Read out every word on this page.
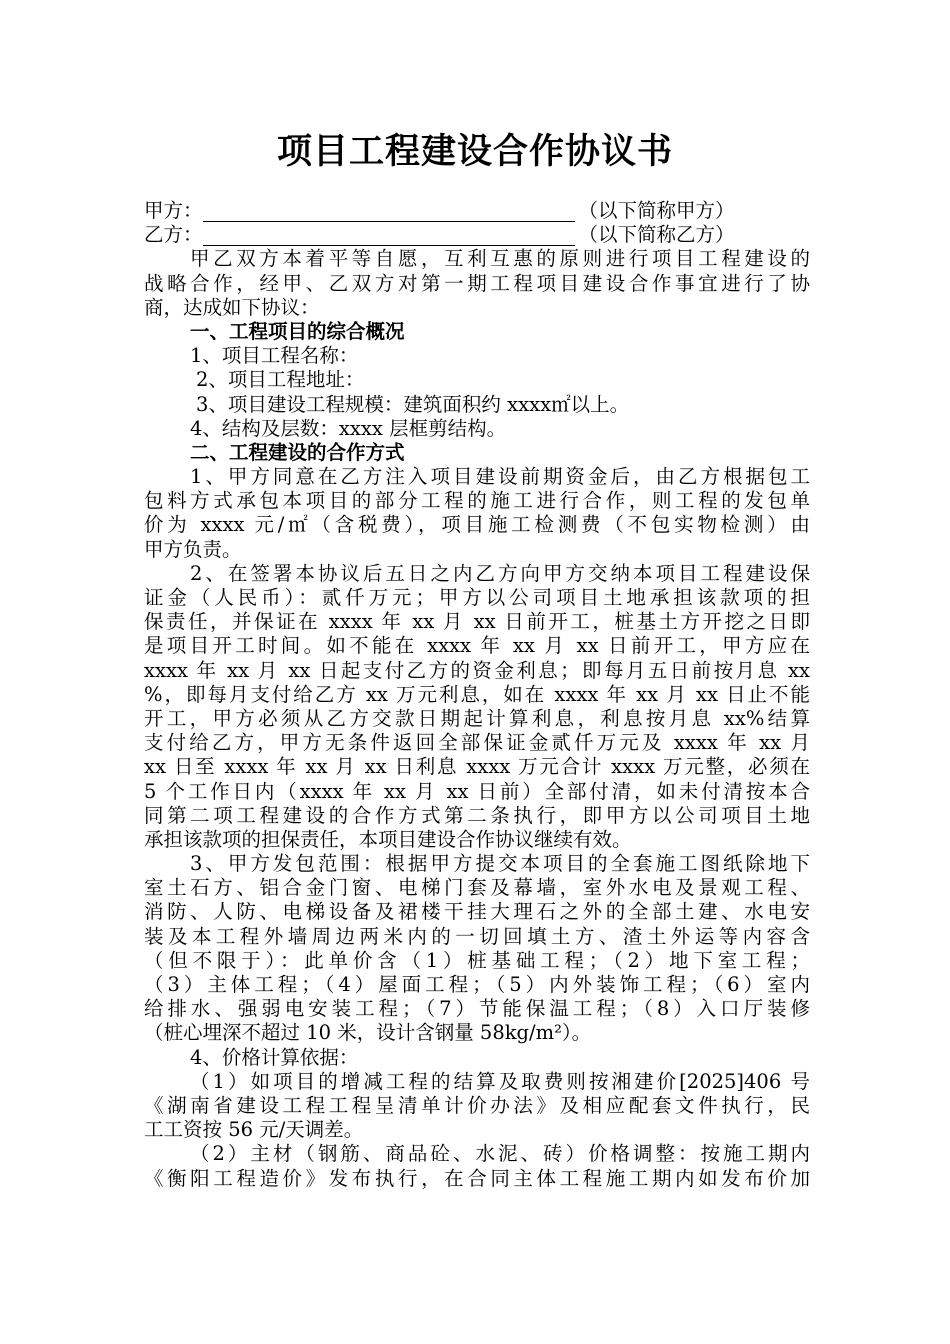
项目工程建设合作协议书
甲方：	（以下简称甲方）
乙方：	（以下简称乙方）
甲乙双方本着平等自愿，互利互惠的原则进行项目工程建设的
战略合作，经甲、乙双方对第一期工程项目建设合作事宜进行了协
商，达成如下协议：
一、工程项目的综合概况
1、项目工程名称：
2、项目工程地址：
3、项目建设工程规模：建筑面积约 xxxx㎡以上。
4、结构及层数：xxxx 层框剪结构。
二、工程建设的合作方式
1、甲方同意在乙方注入项目建设前期资金后，由乙方根据包工
包料方式承包本项目的部分工程的施工进行合作，则工程的发包单
价为 xxxx 元/㎡（含税费），项目施工检测费（不包实物检测）由
甲方负责。
2、在签署本协议后五日之内乙方向甲方交纳本项目工程建设保
证金（人民币）：贰仟万元；甲方以公司项目土地承担该款项的担
保责任，并保证在 xxxx 年 xx 月 xx 日前开工，桩基土方开挖之日即
是项目开工时间。如不能在 xxxx 年 xx 月 xx 日前开工，甲方应在
xxxx 年 xx 月 xx 日起支付乙方的资金利息；即每月五日前按月息 xx
%，即每月支付给乙方 xx 万元利息，如在 xxxx 年 xx 月 xx 日止不能
开工，甲方必须从乙方交款日期起计算利息，利息按月息 xx%结算
支付给乙方，甲方无条件返回全部保证金贰仟万元及 xxxx 年 xx 月
xx 日至 xxxx 年 xx 月 xx 日利息 xxxx 万元合计 xxxx 万元整，必须在
5 个工作日内（xxxx 年 xx 月 xx 日前）全部付清，如未付清按本合
同第二项工程建设的合作方式第二条执行，即甲方以公司项目土地
承担该款项的担保责任，本项目建设合作协议继续有效。
3、甲方发包范围：根据甲方提交本项目的全套施工图纸除地下
室土石方、铝合金门窗、电梯门套及幕墙，室外水电及景观工程、
消防、人防、电梯设备及裙楼干挂大理石之外的全部土建、水电安
装及本工程外墙周边两米内的一切回填土方、渣土外运等内容含
（但不限于）：此单价含（1）桩基础工程；（2）地下室工程；
（3）主体工程；（4）屋面工程；（5）内外装饰工程；（6）室内
给排水、强弱电安装工程；（7）节能保温工程；（8）入口厅装修
（桩心埋深不超过 10 米，设计含钢量 58kg/m²）。
4、价格计算依据：
（1）如项目的增减工程的结算及取费则按湘建价[2025]406 号
《湖南省建设工程工程呈清单计价办法》及相应配套文件执行，民
工工资按 56 元/天调差。
（2）主材（钢筋、商品砼、水泥、砖）价格调整：按施工期内
《衡阳工程造价》发布执行，在合同主体工程施工期内如发布价加
